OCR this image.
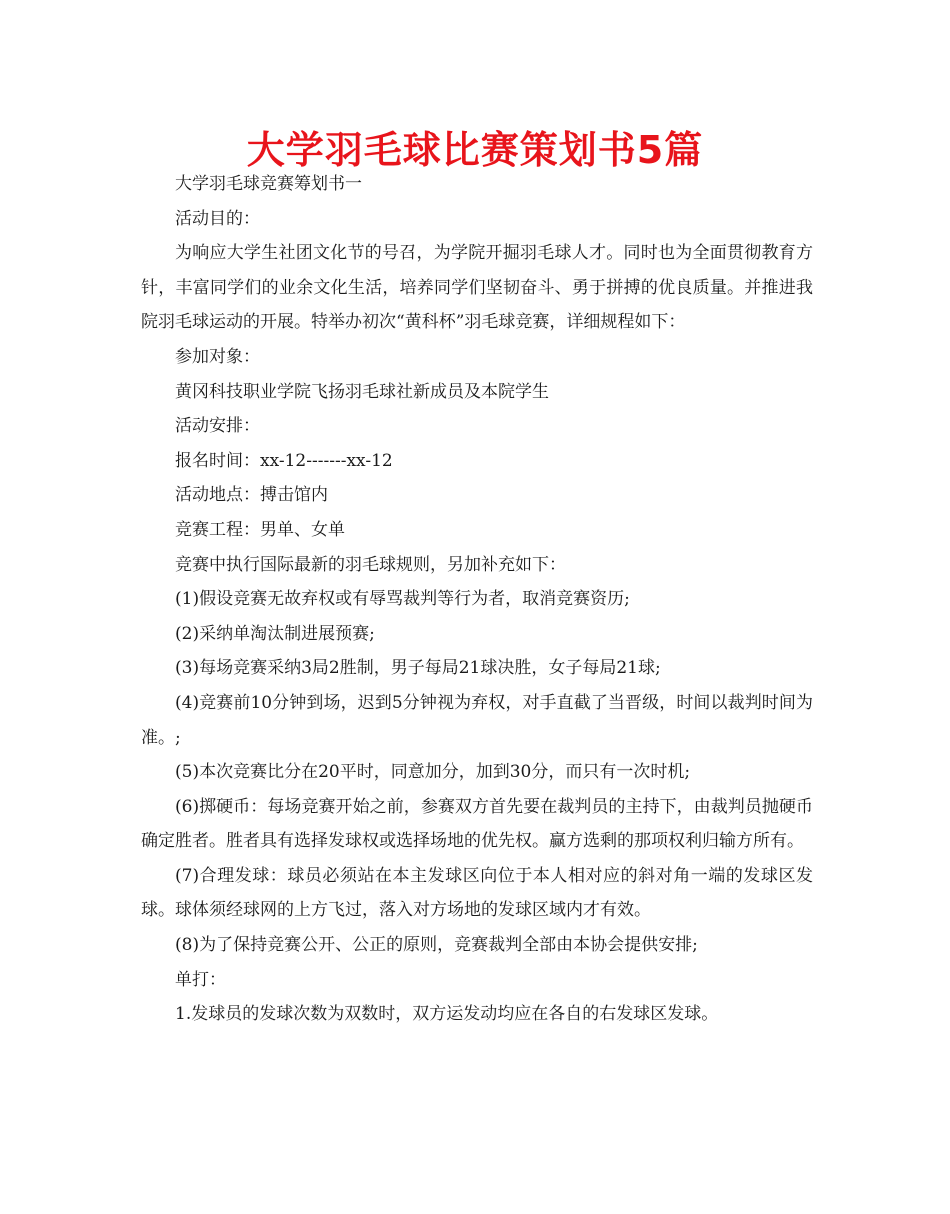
大学羽毛球比赛策划书5篇

大学羽毛球竞赛筹划书一

活动目的：

为响应大学生社团文化节的号召，为学院开掘羽毛球人才。同时也为全面贯彻教育方针，丰富同学们的业余文化生活，培养同学们坚韧奋斗、勇于拼搏的优良质量。并推进我院羽毛球运动的开展。特举办初次“黄科杯”羽毛球竞赛，详细规程如下：

参加对象：

黄冈科技职业学院飞扬羽毛球社新成员及本院学生

活动安排：

报名时间：xx-12-------xx-12

活动地点：搏击馆内

竞赛工程：男单、女单

竞赛中执行国际最新的羽毛球规则，另加补充如下：

(1)假设竞赛无故弃权或有辱骂裁判等行为者，取消竞赛资历;

(2)采纳单淘汰制进展预赛;

(3)每场竞赛采纳3局2胜制，男子每局21球决胜，女子每局21球;

(4)竞赛前10分钟到场，迟到5分钟视为弃权，对手直截了当晋级，时间以裁判时间为准。;

(5)本次竞赛比分在20平时，同意加分，加到30分，而只有一次时机;

(6)掷硬币：每场竞赛开始之前，参赛双方首先要在裁判员的主持下，由裁判员抛硬币确定胜者。胜者具有选择发球权或选择场地的优先权。赢方选剩的那项权利归输方所有。

(7)合理发球：球员必须站在本主发球区向位于本人相对应的斜对角一端的发球区发球。球体须经球网的上方飞过，落入对方场地的发球区域内才有效。

(8)为了保持竞赛公开、公正的原则，竞赛裁判全部由本协会提供安排;

单打：

1.发球员的发球次数为双数时，双方运发动均应在各自的右发球区发球。
